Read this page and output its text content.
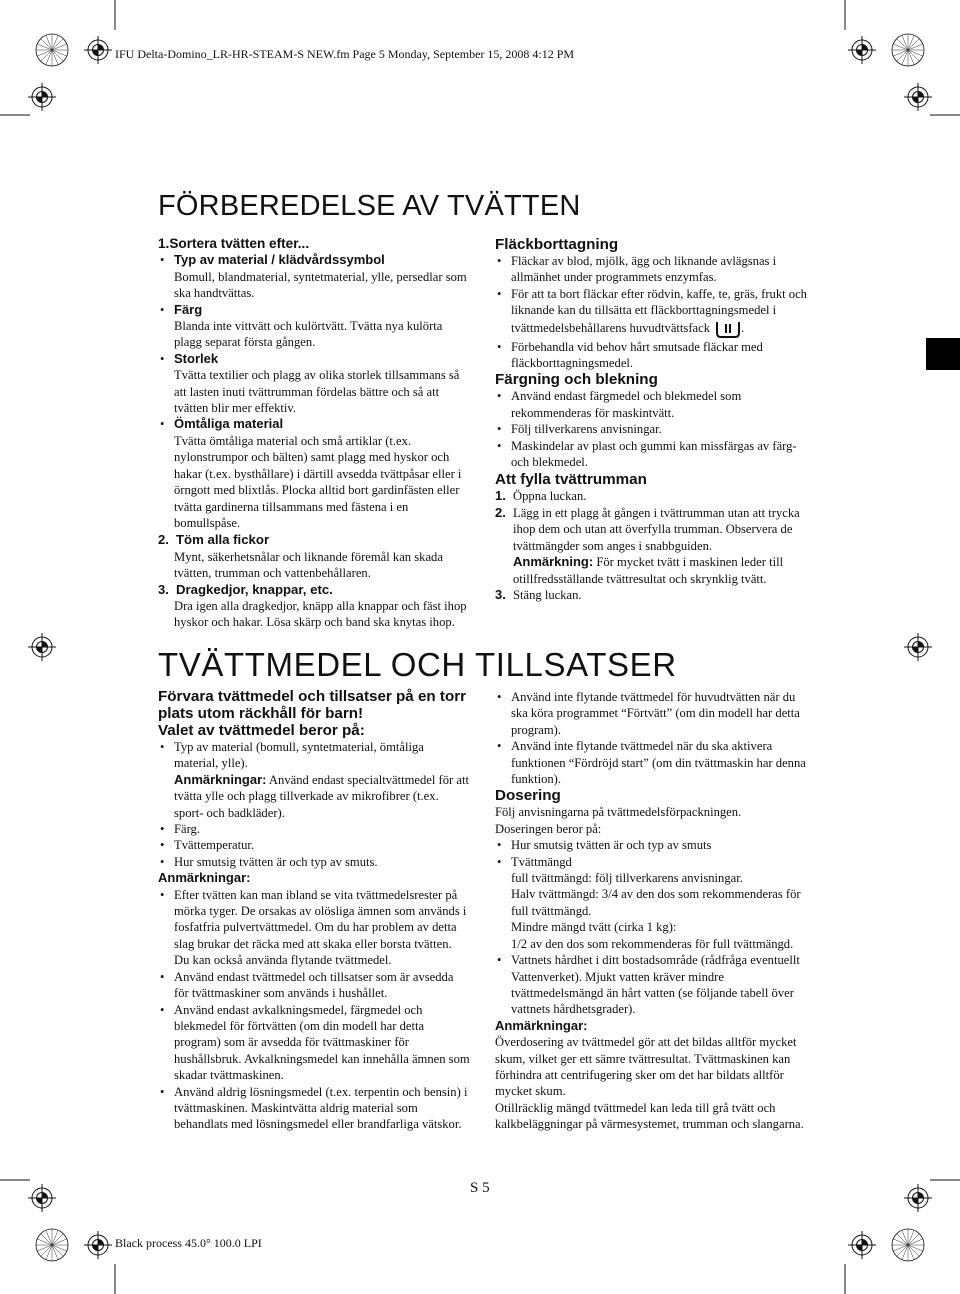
IFU Delta-Domino_LR-HR-STEAM-S NEW.fm Page 5 Monday, September 15, 2008 4:12 PM
Black process 45.0° 100.0 LPI
S 5
FÖRBEREDELSE AV TVÄTTEN

1.Sortera tvätten efter...

• Typ av material / klädvårdssymbol

Bomull, blandmaterial, syntetmaterial, ylle, persedlar som ska handtvättas.

• Färg

Blanda inte vittvätt och kulörtvätt. Tvätta nya kulörta plagg separat första gången.

• Storlek

Tvätta textilier och plagg av olika storlek tillsammans så att lasten inuti tvättrumman fördelas bättre och så att tvätten blir mer effektiv.

• Ömtåliga material

Tvätta ömtåliga material och små artiklar (t.ex. nylonstrumpor och bälten) samt plagg med hyskor och hakar (t.ex. bysthållare) i därtill avsedda tvättpåsar eller i örngott med blixtlås. Plocka alltid bort gardinfästen eller tvätta gardinerna tillsammans med fästena i en bomullspåse.

2. Töm alla fickor

Mynt, säkerhetsnålar och liknande föremål kan skada tvätten, trumman och vattenbehållaren.

3. Dragkedjor, knappar, etc.

Dra igen alla dragkedjor, knäpp alla knappar och fäst ihop hyskor och hakar. Lösa skärp och band ska knytas ihop.

Fläckborttagning

• Fläckar av blod, mjölk, ägg och liknande avlägsnas i allmänhet under programmets enzymfas.

• För att ta bort fläckar efter rödvin, kaffe, te, gräs, frukt och liknande kan du tillsätta ett fläckborttagningsmedel i tvättmedelsbehållarens huvudtvättsfack .

• Förbehandla vid behov hårt smutsade fläckar med fläckborttagningsmedel.

Färgning och blekning

• Använd endast färgmedel och blekmedel som rekommenderas för maskintvätt.

• Följ tillverkarens anvisningar.

• Maskindelar av plast och gummi kan missfärgas av färg- och blekmedel.

Att fylla tvättrumman

1. Öppna luckan.

2. Lägg in ett plagg åt gången i tvättrumman utan att trycka ihop dem och utan att överfylla trumman. Observera de tvättmängder som anges i snabbguiden.
Anmärkning: För mycket tvätt i maskinen leder till otillfredsställande tvättresultat och skrynklig tvätt.

3. Stäng luckan.

TVÄTTMEDEL OCH TILLSATSER

Förvara tvättmedel och tillsatser på en torr plats utom räckhåll för barn!

Valet av tvättmedel beror på:

• Typ av material (bomull, syntetmaterial, ömtåliga material, ylle).
Anmärkningar: Använd endast specialtvättmedel för att tvätta ylle och plagg tillverkade av mikrofibrer (t.ex. sport- och badkläder).

• Färg.

• Tvättemperatur.

• Hur smutsig tvätten är och typ av smuts.

Anmärkningar:

• Efter tvätten kan man ibland se vita tvättmedelsrester på mörka tyger. De orsakas av olösliga ämnen som används i fosfatfria pulvertvättmedel. Om du har problem av detta slag brukar det räcka med att skaka eller borsta tvätten. Du kan också använda flytande tvättmedel.

• Använd endast tvättmedel och tillsatser som är avsedda för tvättmaskiner som används i hushållet.

• Använd endast avkalkningsmedel, färgmedel och blekmedel för förtvätten (om din modell har detta program) som är avsedda för tvättmaskiner för hushållsbruk. Avkalkningsmedel kan innehålla ämnen som skadar tvättmaskinen.

• Använd aldrig lösningsmedel (t.ex. terpentin och bensin) i tvättmaskinen. Maskintvätta aldrig material som behandlats med lösningsmedel eller brandfarliga vätskor.

• Använd inte flytande tvättmedel för huvudtvätten när du ska köra programmet “Förtvätt” (om din modell har detta program).

• Använd inte flytande tvättmedel när du ska aktivera funktionen “Fördröjd start” (om din tvättmaskin har denna funktion).

Dosering

Följ anvisningarna på tvättmedelsförpackningen.

Doseringen beror på:

• Hur smutsig tvätten är och typ av smuts

• Tvättmängd

full tvättmängd: följ tillverkarens anvisningar.

Halv tvättmängd: 3/4 av den dos som rekommenderas för full tvättmängd.

Mindre mängd tvätt (cirka 1 kg):

1/2 av den dos som rekommenderas för full tvättmängd.

• Vattnets hårdhet i ditt bostadsområde (rådfråga eventuellt Vattenverket). Mjukt vatten kräver mindre tvättmedelsmängd än hårt vatten (se följande tabell över vattnets hårdhetsgrader).

Anmärkningar:

Överdosering av tvättmedel gör att det bildas alltför mycket skum, vilket ger ett sämre tvättresultat. Tvättmaskinen kan förhindra att centrifugering sker om det har bildats alltför mycket skum.

Otillräcklig mängd tvättmedel kan leda till grå tvätt och kalkbeläggningar på värmesystemet, trumman och slangarna.
